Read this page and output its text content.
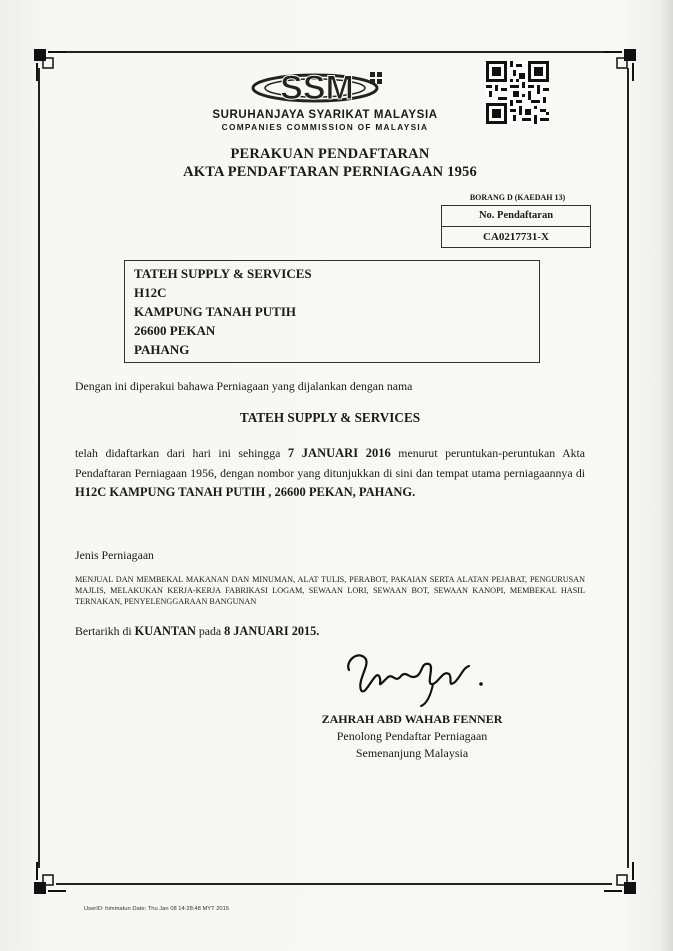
SSM
SURUHANJAYA SYARIKAT MALAYSIA
COMPANIES COMMISSION OF MALAYSIA
PERAKUAN PENDAFTARAN
AKTA PENDAFTARAN PERNIAGAAN 1956
BORANG D (KAEDAH 13)
No. Pendaftaran
CA0217731-X
TATEH SUPPLY & SERVICES
H12C
KAMPUNG TANAH PUTIH
26600 PEKAN
PAHANG
Dengan ini diperakui bahawa Perniagaan yang dijalankan dengan nama
TATEH SUPPLY & SERVICES
telah didaftarkan dari hari ini sehingga 7 JANUARI 2016 menurut peruntukan-peruntukan Akta Pendaftaran Perniagaan 1956, dengan nombor yang ditunjukkan di sini dan tempat utama perniagaannya di H12C KAMPUNG TANAH PUTIH , 26600 PEKAN, PAHANG.
Jenis Perniagaan
MENJUAL DAN MEMBEKAL MAKANAN DAN MINUMAN, ALAT TULIS, PERABOT, PAKAIAN SERTA ALATAN PEJABAT, PENGURUSAN MAJLIS, MELAKUKAN KERJA-KERJA FABRIKASI LOGAM, SEWAAN LORI, SEWAAN BOT, SEWAAN KANOPI, MEMBEKAL HASIL TERNAKAN, PENYELENGGARAAN BANGUNAN
Bertarikh di KUANTAN pada 8 JANUARI 2015.
ZAHRAH ABD WAHAB FENNER
Penolong Pendaftar Perniagaan
Semenanjung Malaysia
UserID: himmatun Date: Thu Jan 08 14:28:48 MYT 2015
